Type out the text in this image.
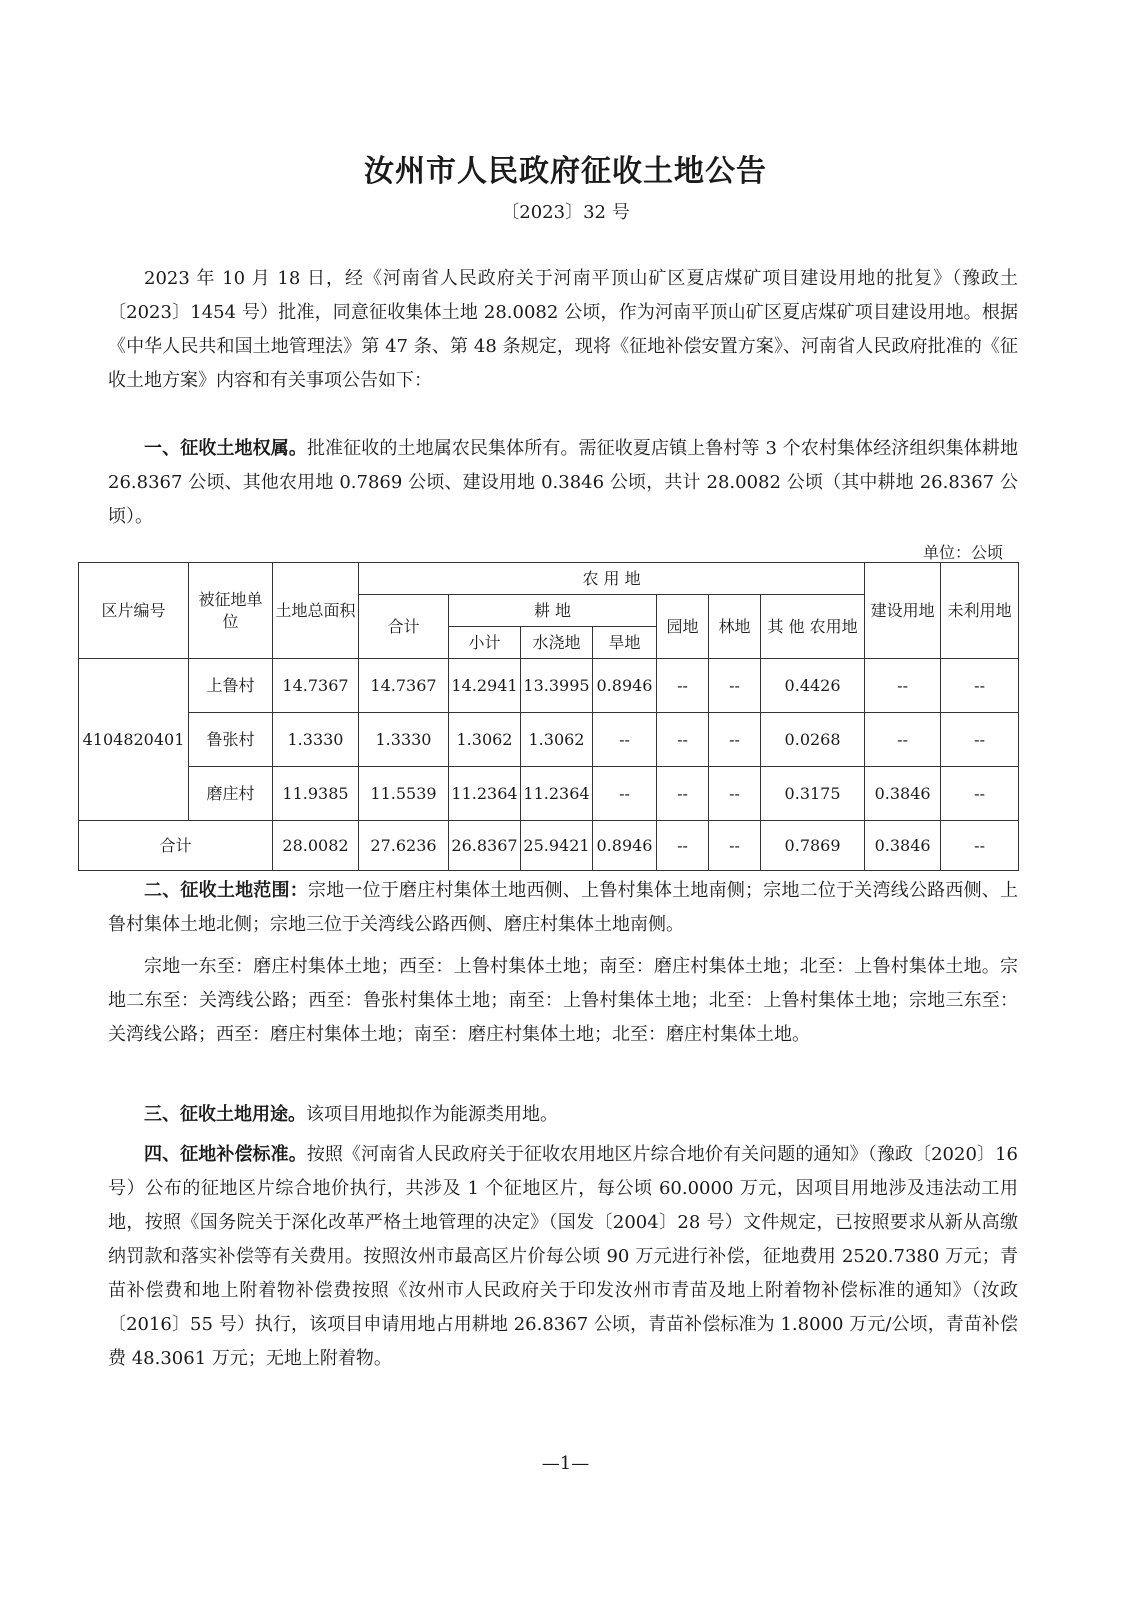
汝州市人民政府征收土地公告
〔2023〕32 号

2023 年 10 月 18 日，经《河南省人民政府关于河南平顶山矿区夏店煤矿项目建设用地的批复》（豫政土〔2023〕1454 号）批准，同意征收集体土地 28.0082 公顷，作为河南平顶山矿区夏店煤矿项目建设用地。根据《中华人民共和国土地管理法》第 47 条、第 48 条规定，现将《征地补偿安置方案》、河南省人民政府批准的《征收土地方案》内容和有关事项公告如下：

一、征收土地权属。批准征收的土地属农民集体所有。需征收夏店镇上鲁村等 3 个农村集体经济组织集体耕地 26.8367 公顷、其他农用地 0.7869 公顷、建设用地 0.3846 公顷，共计 28.0082 公顷（其中耕地 26.8367 公顷）。

单位：公顷
区片编号	被征地单位	土地总面积	农 用 地							建设用地	未利用地
			合计	耕 地			园地	林地	其 他 农用地		
				小计	水浇地	旱地					
4104820401	上鲁村	14.7367	14.7367	14.2941	13.3995	0.8946	--	--	0.4426	--	--
	鲁张村	1.3330	1.3330	1.3062	1.3062	--	--	--	0.0268	--	--
	磨庄村	11.9385	11.5539	11.2364	11.2364	--	--	--	0.3175	0.3846	--
合计		28.0082	27.6236	26.8367	25.9421	0.8946	--	--	0.7869	0.3846	--

二、征收土地范围：宗地一位于磨庄村集体土地西侧、上鲁村集体土地南侧；宗地二位于关湾线公路西侧、上鲁村集体土地北侧；宗地三位于关湾线公路西侧、磨庄村集体土地南侧。

宗地一东至：磨庄村集体土地；西至：上鲁村集体土地；南至：磨庄村集体土地；北至：上鲁村集体土地。宗地二东至：关湾线公路；西至：鲁张村集体土地；南至：上鲁村集体土地；北至：上鲁村集体土地；宗地三东至：关湾线公路；西至：磨庄村集体土地；南至：磨庄村集体土地；北至：磨庄村集体土地。

三、征收土地用途。该项目用地拟作为能源类用地。

四、征地补偿标准。按照《河南省人民政府关于征收农用地区片综合地价有关问题的通知》（豫政〔2020〕16 号）公布的征地区片综合地价执行，共涉及 1 个征地区片，每公顷 60.0000 万元，因项目用地涉及违法动工用地，按照《国务院关于深化改革严格土地管理的决定》（国发〔2004〕28 号）文件规定，已按照要求从新从高缴纳罚款和落实补偿等有关费用。按照汝州市最高区片价每公顷 90 万元进行补偿，征地费用 2520.7380 万元；青苗补偿费和地上附着物补偿费按照《汝州市人民政府关于印发汝州市青苗及地上附着物补偿标准的通知》（汝政〔2016〕55 号）执行，该项目申请用地占用耕地 26.8367 公顷，青苗补偿标准为 1.8000 万元/公顷，青苗补偿费 48.3061 万元；无地上附着物。

—1—
